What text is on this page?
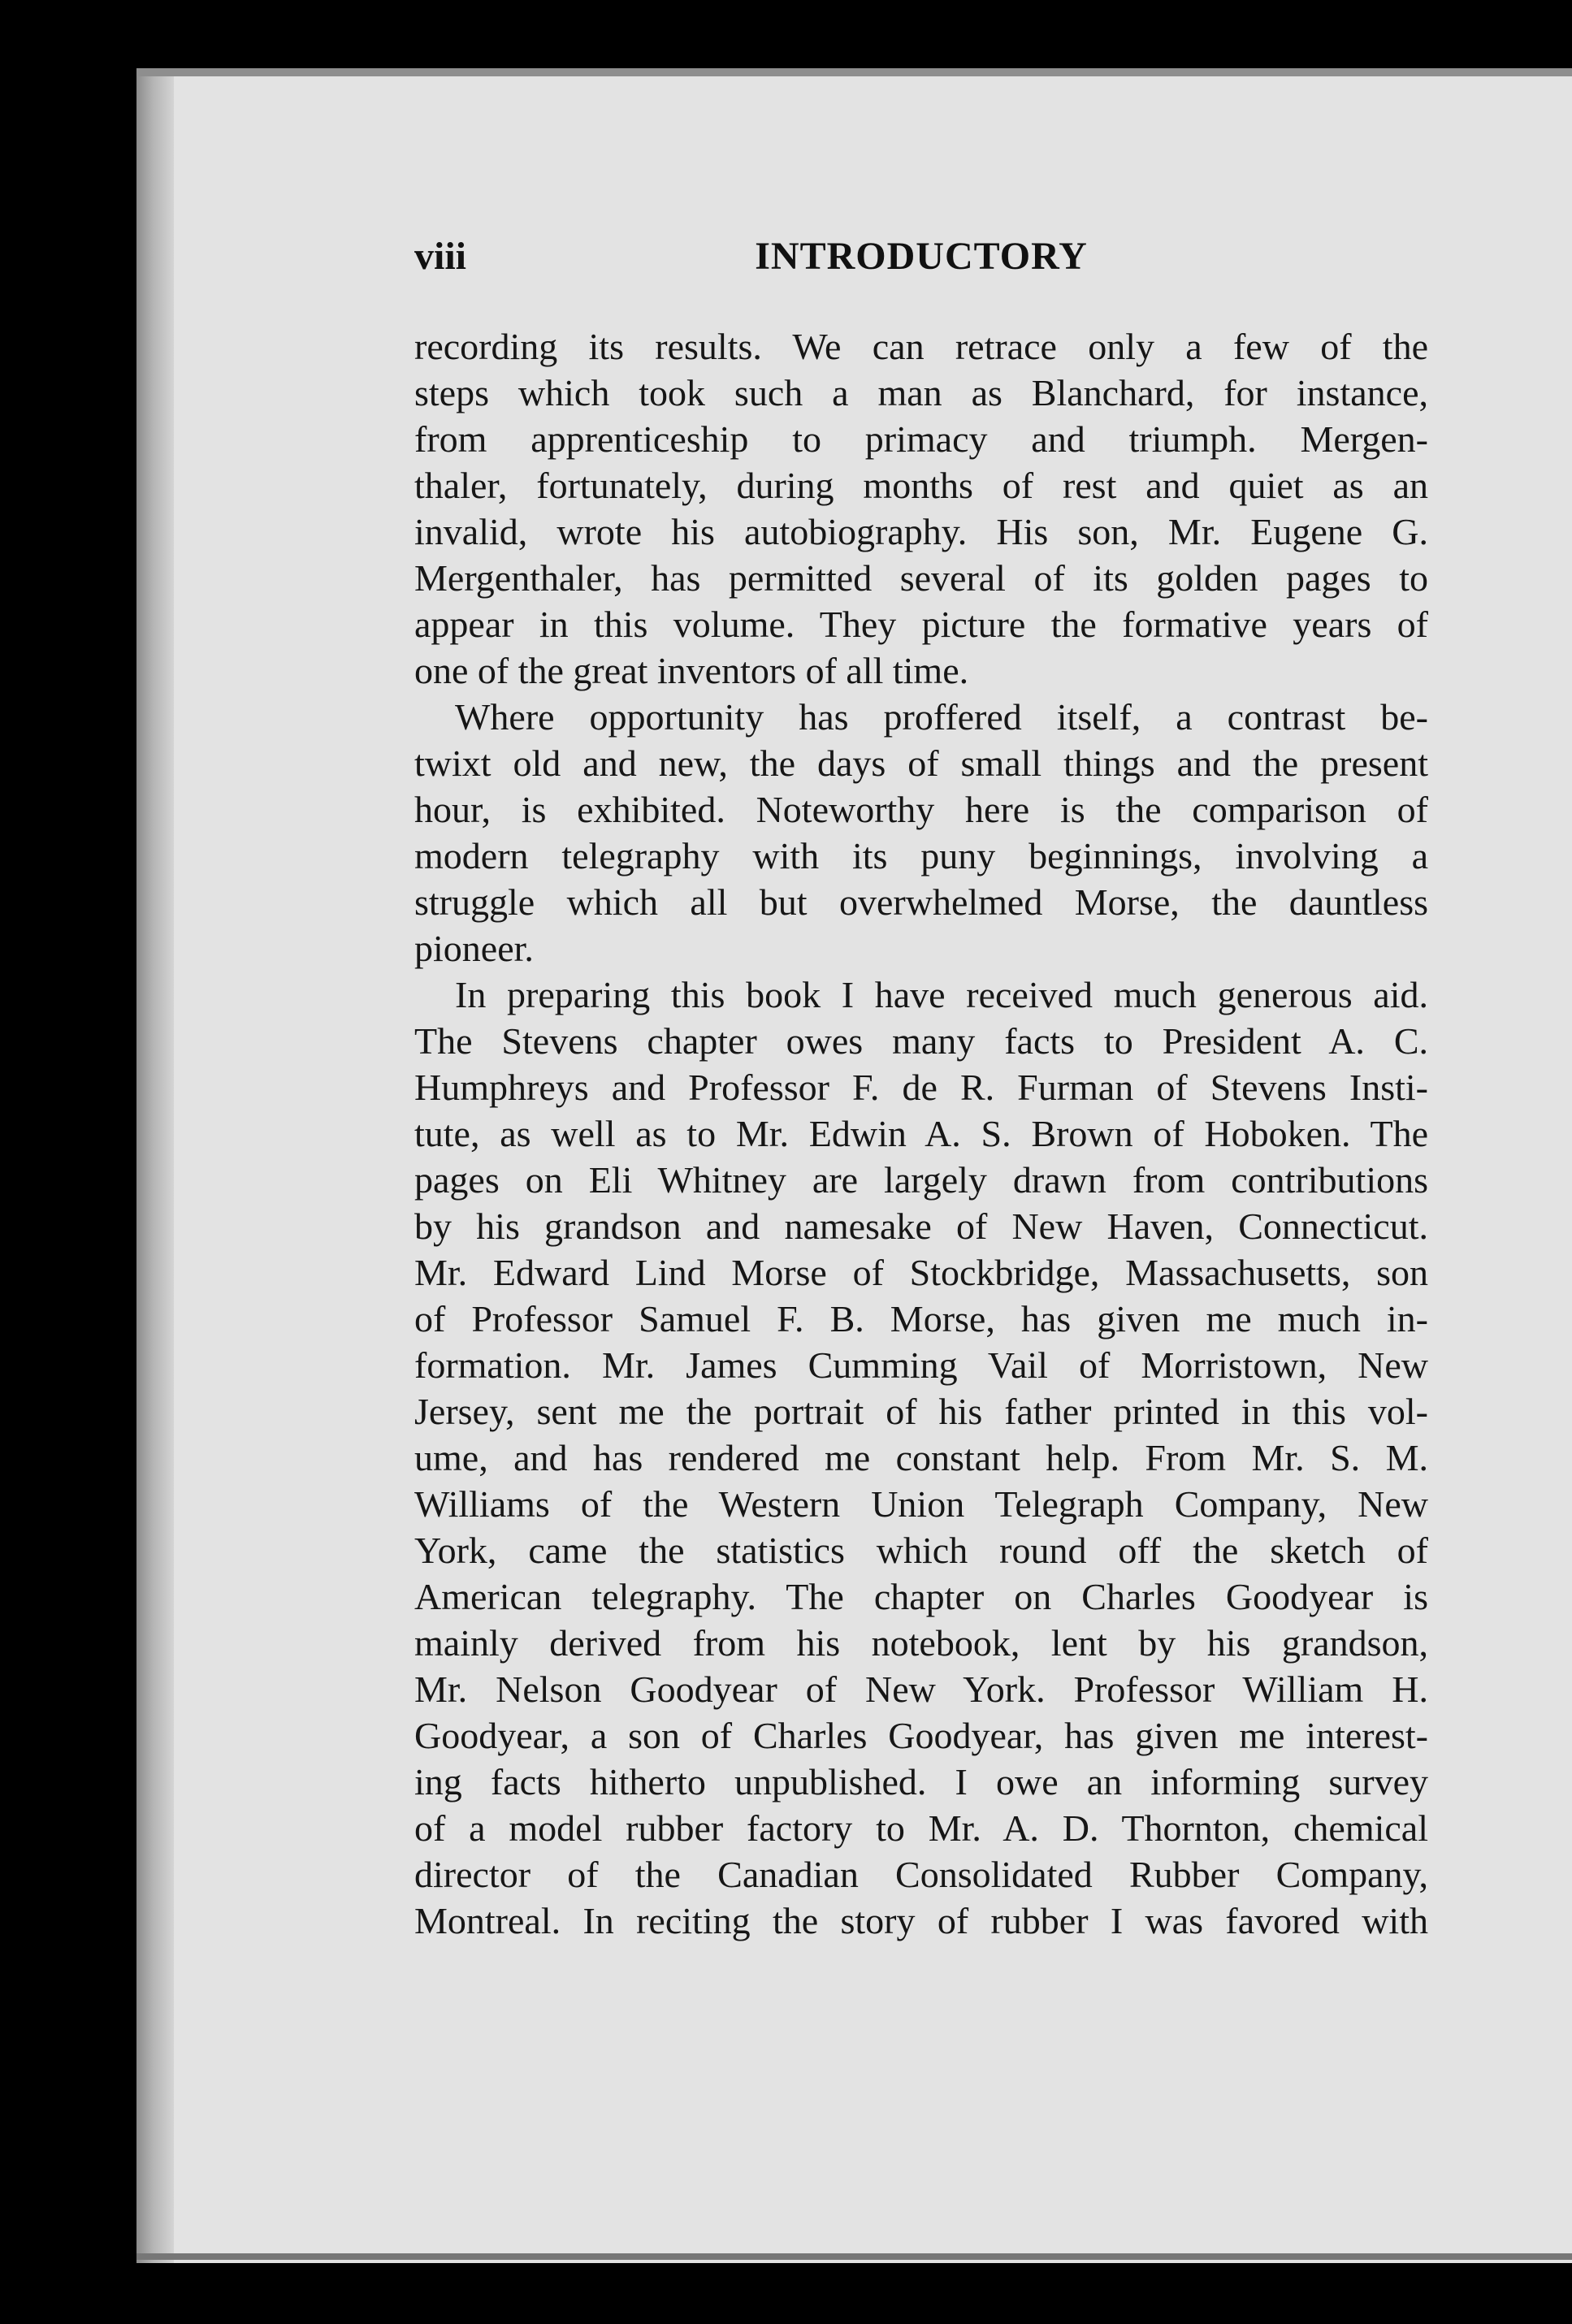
viii	INTRODUCTORY
recording its results. We can retrace only a few of the
steps which took such a man as Blanchard, for instance,
from apprenticeship to primacy and triumph. Mergen-
thaler, fortunately, during months of rest and quiet as an
invalid, wrote his autobiography. His son, Mr. Eugene G.
Mergenthaler, has permitted several of its golden pages to
appear in this volume. They picture the formative years of
one of the great inventors of all time.
Where opportunity has proffered itself, a contrast be-
twixt old and new, the days of small things and the present
hour, is exhibited. Noteworthy here is the comparison of
modern telegraphy with its puny beginnings, involving a
struggle which all but overwhelmed Morse, the dauntless
pioneer.
In preparing this book I have received much generous aid.
The Stevens chapter owes many facts to President A. C.
Humphreys and Professor F. de R. Furman of Stevens Insti-
tute, as well as to Mr. Edwin A. S. Brown of Hoboken. The
pages on Eli Whitney are largely drawn from contributions
by his grandson and namesake of New Haven, Connecticut.
Mr. Edward Lind Morse of Stockbridge, Massachusetts, son
of Professor Samuel F. B. Morse, has given me much in-
formation. Mr. James Cumming Vail of Morristown, New
Jersey, sent me the portrait of his father printed in this vol-
ume, and has rendered me constant help. From Mr. S. M.
Williams of the Western Union Telegraph Company, New
York, came the statistics which round off the sketch of
American telegraphy. The chapter on Charles Goodyear is
mainly derived from his notebook, lent by his grandson,
Mr. Nelson Goodyear of New York. Professor William H.
Goodyear, a son of Charles Goodyear, has given me interest-
ing facts hitherto unpublished. I owe an informing survey
of a model rubber factory to Mr. A. D. Thornton, chemical
director of the Canadian Consolidated Rubber Company,
Montreal. In reciting the story of rubber I was favored with
